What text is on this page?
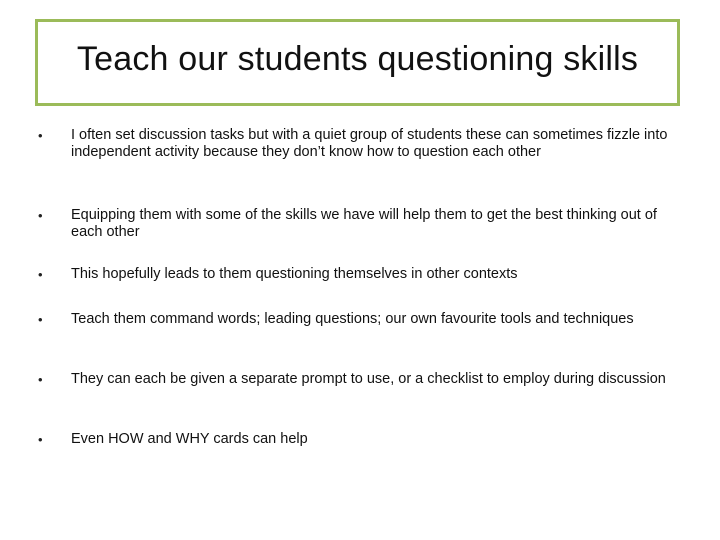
Teach our students questioning skills
• I often set discussion tasks but with a quiet group of students these can sometimes fizzle into independent activity because they don’t know how to question each other
• Equipping them with some of the skills we have will help them to get the best thinking out of each other
• This hopefully leads to them questioning themselves in other contexts
• Teach them command words; leading questions; our own favourite tools and techniques
• They can each be given a separate prompt to use, or a checklist to employ during discussion
• Even HOW and WHY cards can help
